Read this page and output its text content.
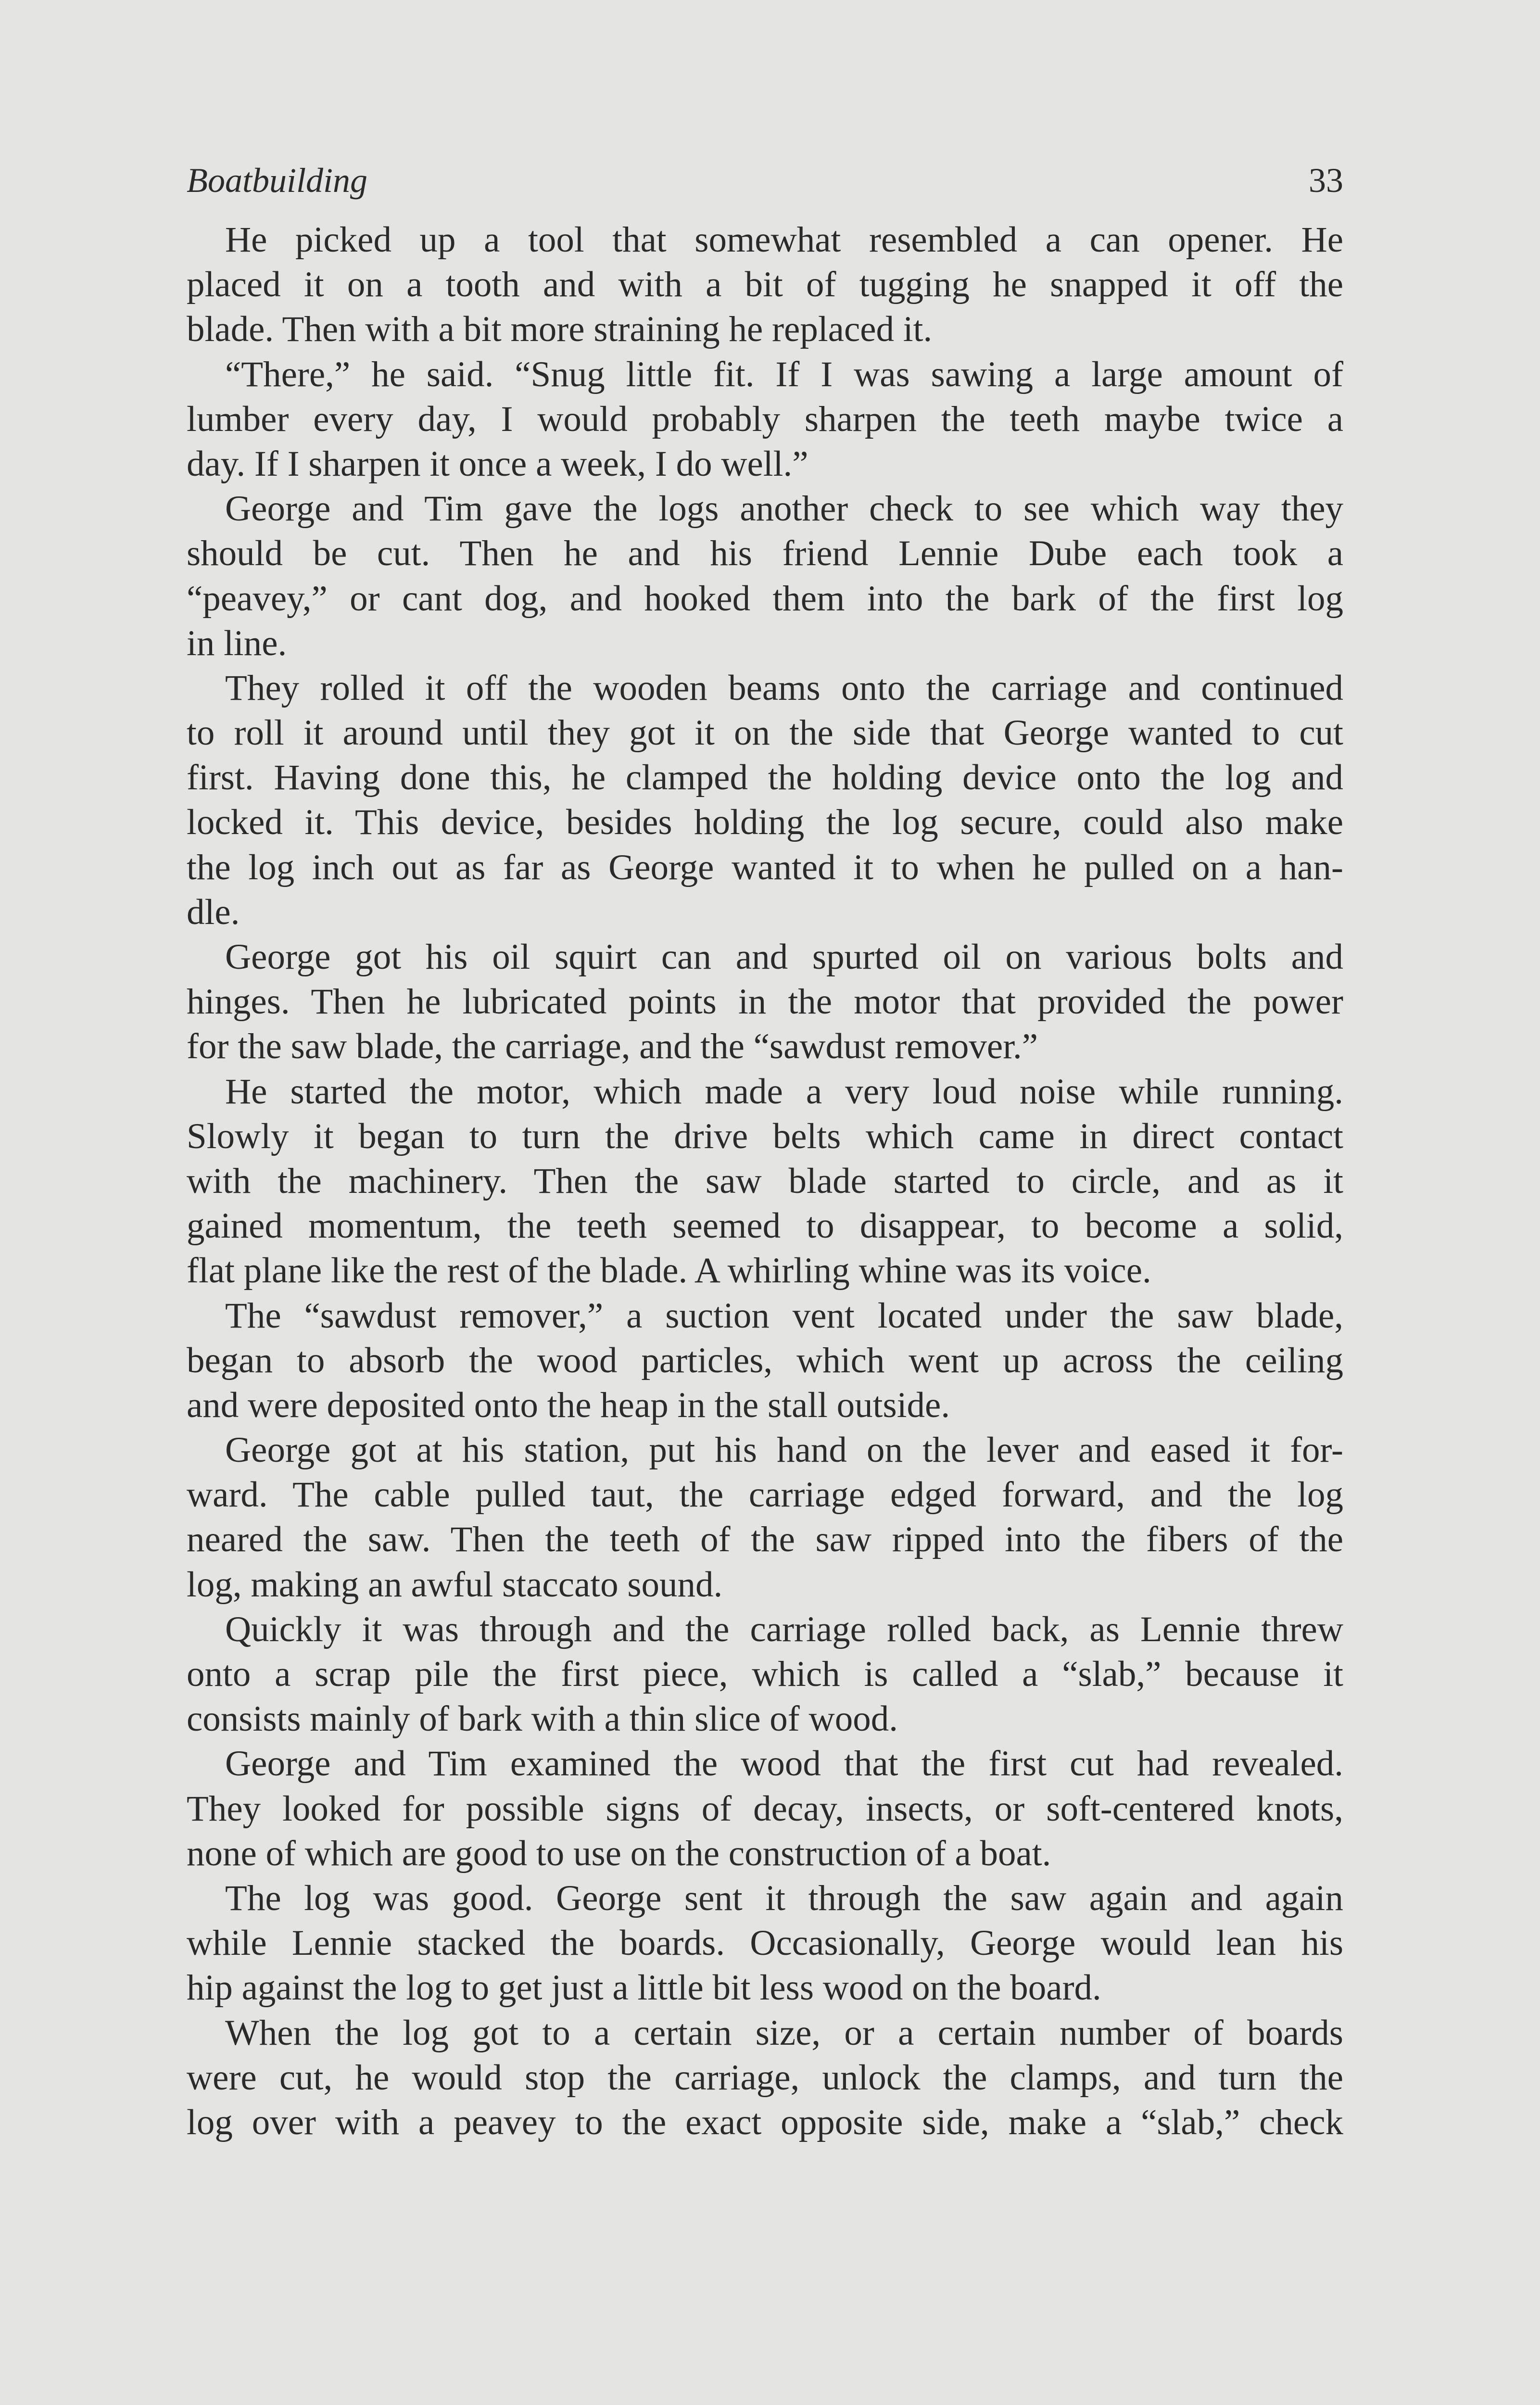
Boatbuilding	33
He picked up a tool that somewhat resembled a can opener. He
placed it on a tooth and with a bit of tugging he snapped it off the
blade. Then with a bit more straining he replaced it.
“There,” he said. “Snug little fit. If I was sawing a large amount of
lumber every day, I would probably sharpen the teeth maybe twice a
day. If I sharpen it once a week, I do well.”
George and Tim gave the logs another check to see which way they
should be cut. Then he and his friend Lennie Dube each took a
“peavey,” or cant dog, and hooked them into the bark of the first log
in line.
They rolled it off the wooden beams onto the carriage and continued
to roll it around until they got it on the side that George wanted to cut
first. Having done this, he clamped the holding device onto the log and
locked it. This device, besides holding the log secure, could also make
the log inch out as far as George wanted it to when he pulled on a han-
dle.
George got his oil squirt can and spurted oil on various bolts and
hinges. Then he lubricated points in the motor that provided the power
for the saw blade, the carriage, and the “sawdust remover.”
He started the motor, which made a very loud noise while running.
Slowly it began to turn the drive belts which came in direct contact
with the machinery. Then the saw blade started to circle, and as it
gained momentum, the teeth seemed to disappear, to become a solid,
flat plane like the rest of the blade. A whirling whine was its voice.
The “sawdust remover,” a suction vent located under the saw blade,
began to absorb the wood particles, which went up across the ceiling
and were deposited onto the heap in the stall outside.
George got at his station, put his hand on the lever and eased it for-
ward. The cable pulled taut, the carriage edged forward, and the log
neared the saw. Then the teeth of the saw ripped into the fibers of the
log, making an awful staccato sound.
Quickly it was through and the carriage rolled back, as Lennie threw
onto a scrap pile the first piece, which is called a “slab,” because it
consists mainly of bark with a thin slice of wood.
George and Tim examined the wood that the first cut had revealed.
They looked for possible signs of decay, insects, or soft-centered knots,
none of which are good to use on the construction of a boat.
The log was good. George sent it through the saw again and again
while Lennie stacked the boards. Occasionally, George would lean his
hip against the log to get just a little bit less wood on the board.
When the log got to a certain size, or a certain number of boards
were cut, he would stop the carriage, unlock the clamps, and turn the
log over with a peavey to the exact opposite side, make a “slab,” check
